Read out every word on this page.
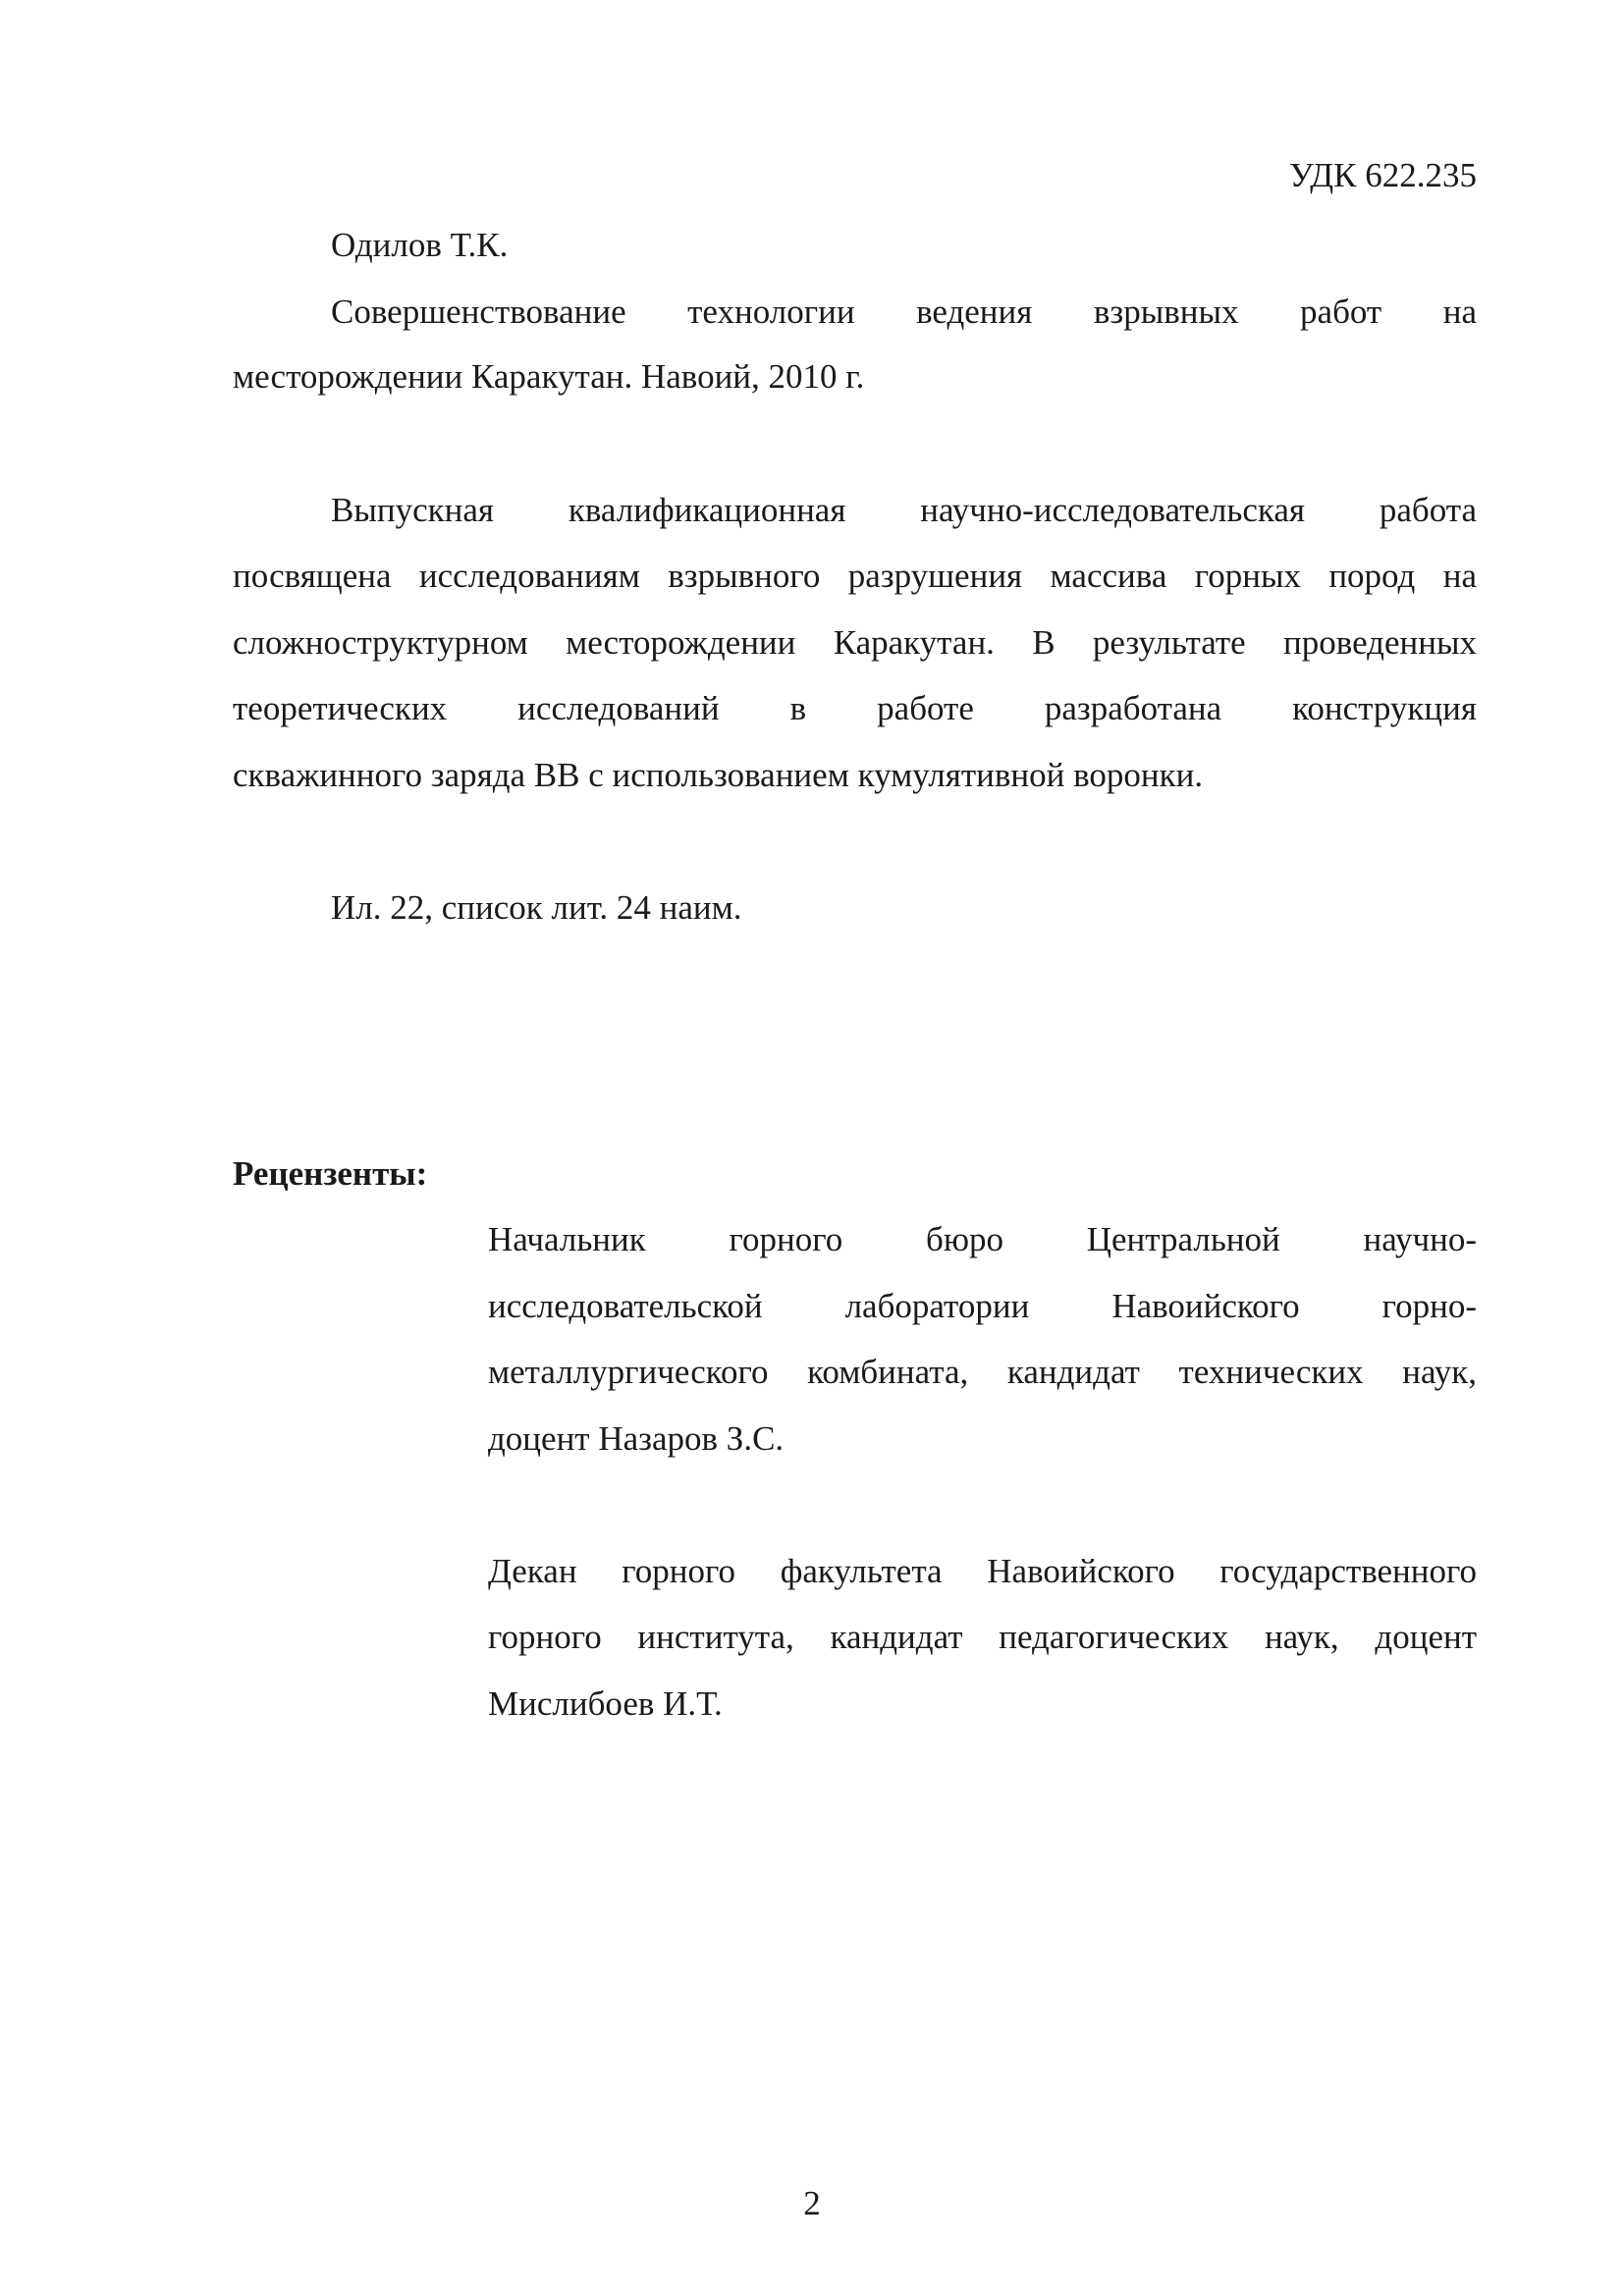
УДК 622.235
Одилов Т.К.
Совершенствование технологии ведения взрывных работ на
месторождении Каракутан. Навоий, 2010 г.
Выпускная квалификационная научно-исследовательская работа
посвящена исследованиям взрывного разрушения массива горных пород на
сложноструктурном месторождении Каракутан. В результате проведенных
теоретических исследований в работе разработана конструкция
скважинного заряда ВВ с использованием кумулятивной воронки.
Ил. 22, список лит. 24 наим.
Рецензенты:
Начальник горного бюро Центральной научно-
исследовательской лаборатории Навоийского горно-
металлургического комбината, кандидат технических наук,
доцент Назаров З.С.
Декан горного факультета Навоийского государственного
горного института, кандидат педагогических наук, доцент
Мислибоев И.Т.
2
